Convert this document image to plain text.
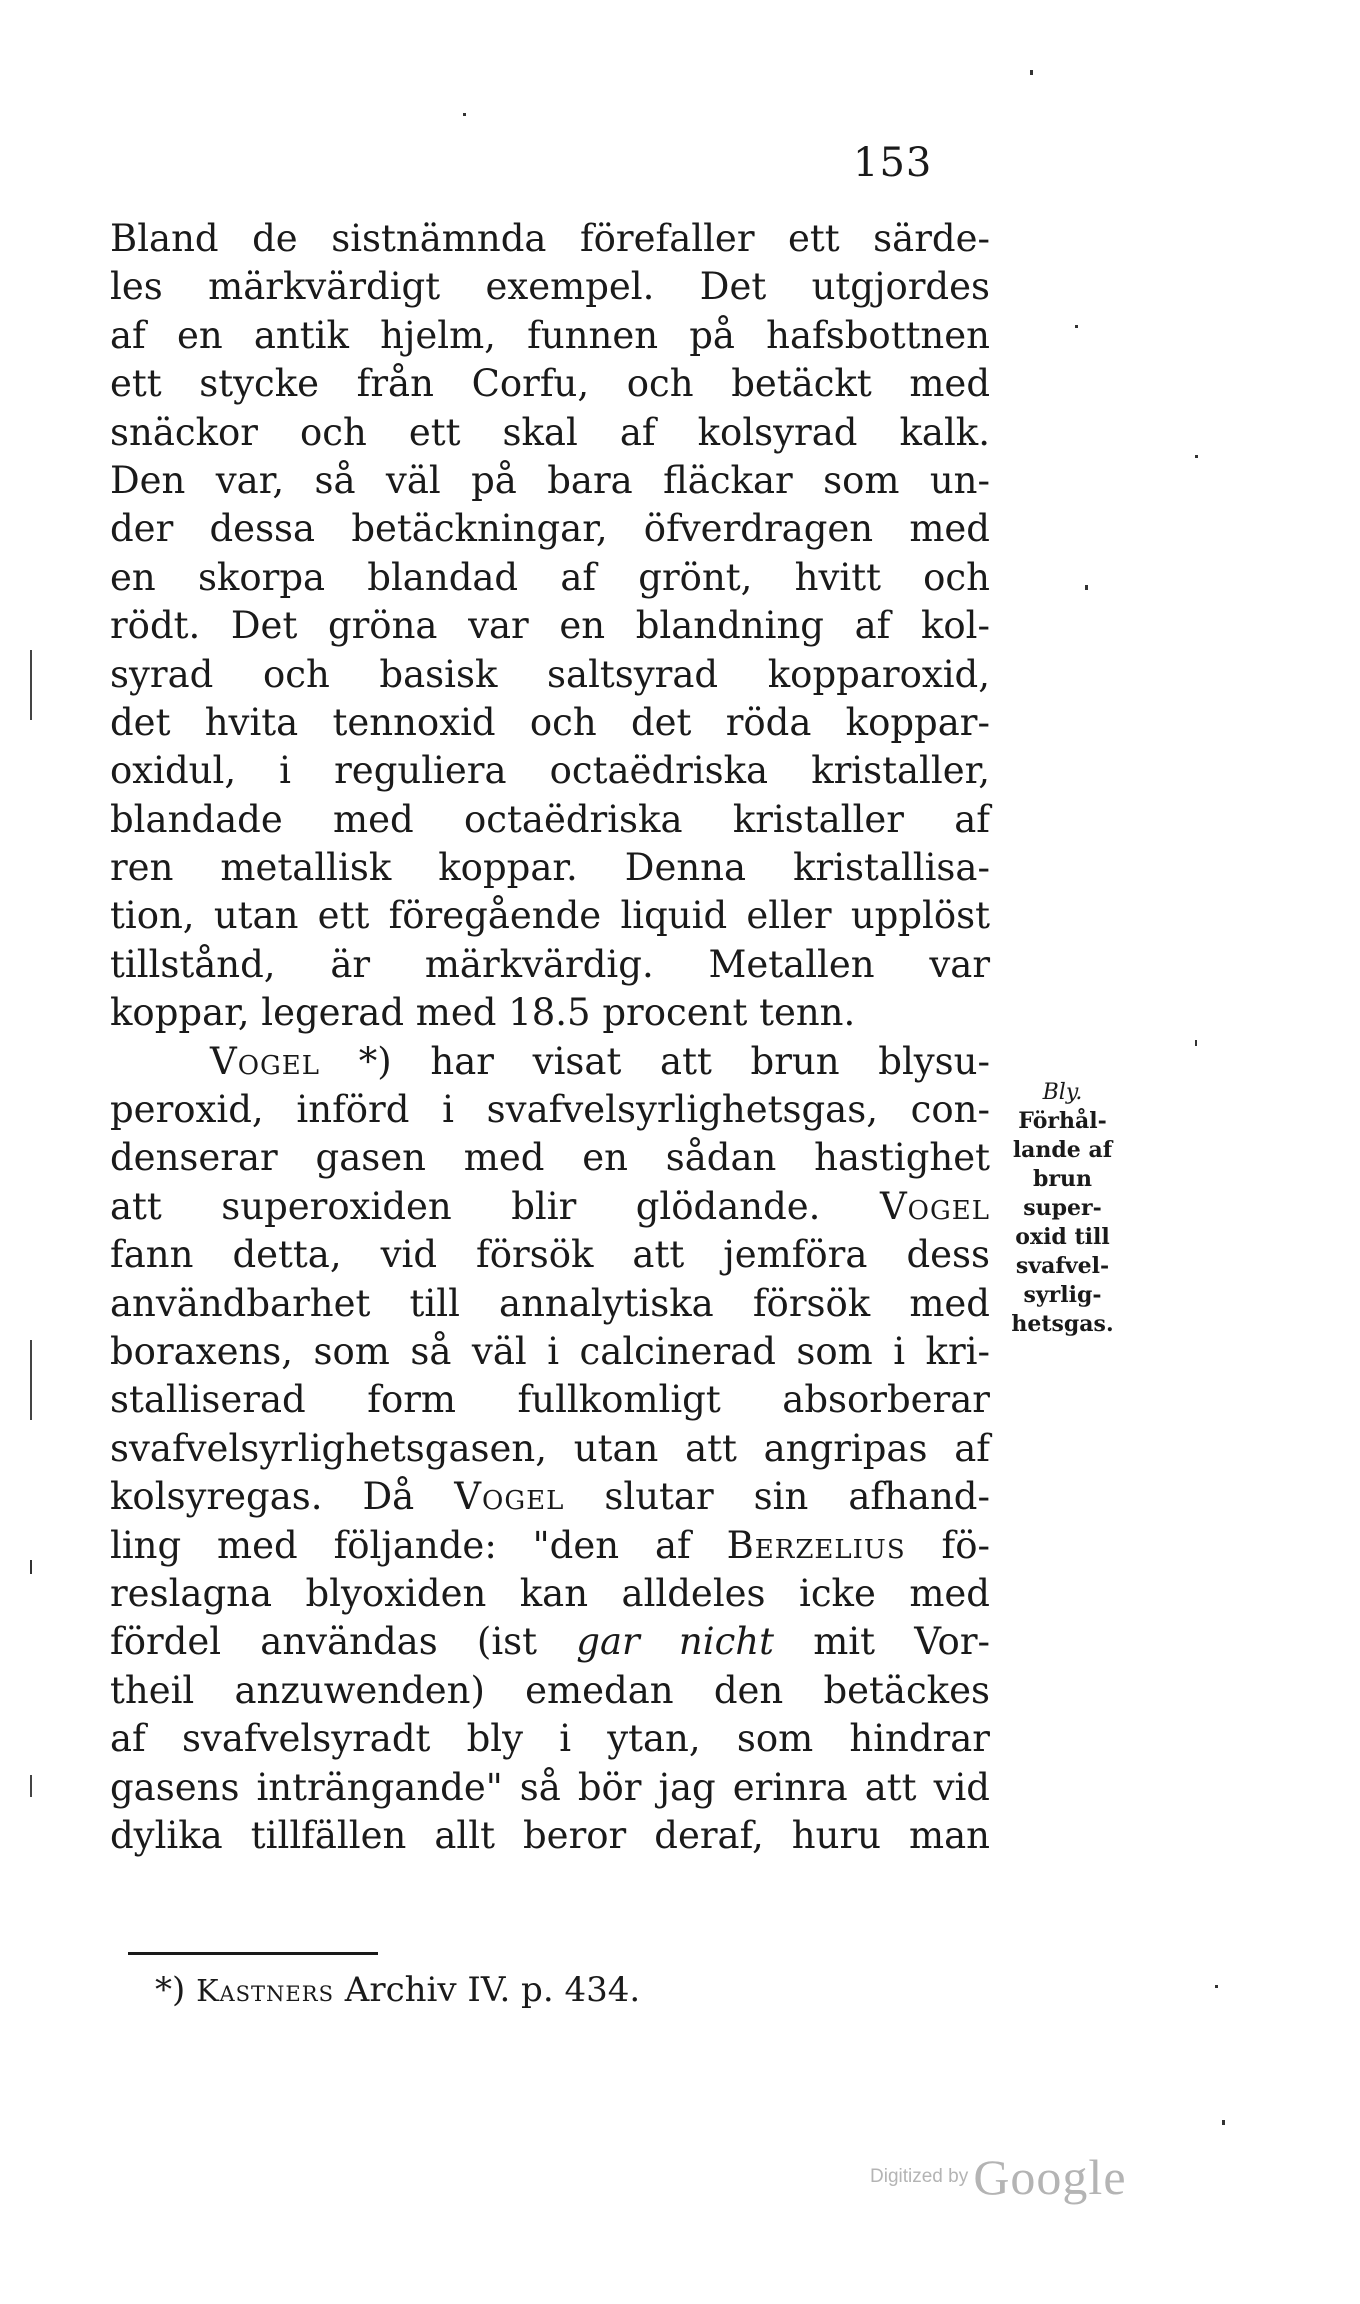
153
Bland de sistnämnda förefaller ett särde-
les märkvärdigt exempel. Det utgjordes
af en antik hjelm, funnen på hafsbottnen
ett stycke från Corfu, och betäckt med
snäckor och ett skal af kolsyrad kalk.
Den var, så väl på bara fläckar som un-
der dessa betäckningar, öfverdragen med
en skorpa blandad af grönt, hvitt och
rödt. Det gröna var en blandning af kol-
syrad och basisk saltsyrad kopparoxid,
det hvita tennoxid och det röda koppar-
oxidul, i reguliera octaëdriska kristaller,
blandade med octaëdriska kristaller af
ren metallisk koppar. Denna kristallisa-
tion, utan ett föregående liquid eller upplöst
tillstånd, är märkvärdig. Metallen var
koppar, legerad med 18.5 procent tenn.
Vogel *) har visat att brun blysu-
peroxid, införd i svafvelsyrlighetsgas, con-
denserar gasen med en sådan hastighet
att superoxiden blir glödande. Vogel
fann detta, vid försök att jemföra dess
användbarhet till annalytiska försök med
boraxens, som så väl i calcinerad som i kri-
stalliserad form fullkomligt absorberar
svafvelsyrlighetsgasen, utan att angripas af
kolsyregas. Då Vogel slutar sin afhand-
ling med följande: "den af Berzelius fö-
reslagna blyoxiden kan alldeles icke med
fördel användas (ist gar nicht mit Vor-
theil anzuwenden) emedan den betäckes
af svafvelsyradt bly i ytan, som hindrar
gasens inträngande" så bör jag erinra att vid
dylika tillfällen allt beror deraf, huru man
Bly.
Förhål-
lande af
brun
super-
oxid till
svafvel-
syrlig-
hetsgas.
*) Kastners Archiv IV. p. 434.
Digitized by Google
